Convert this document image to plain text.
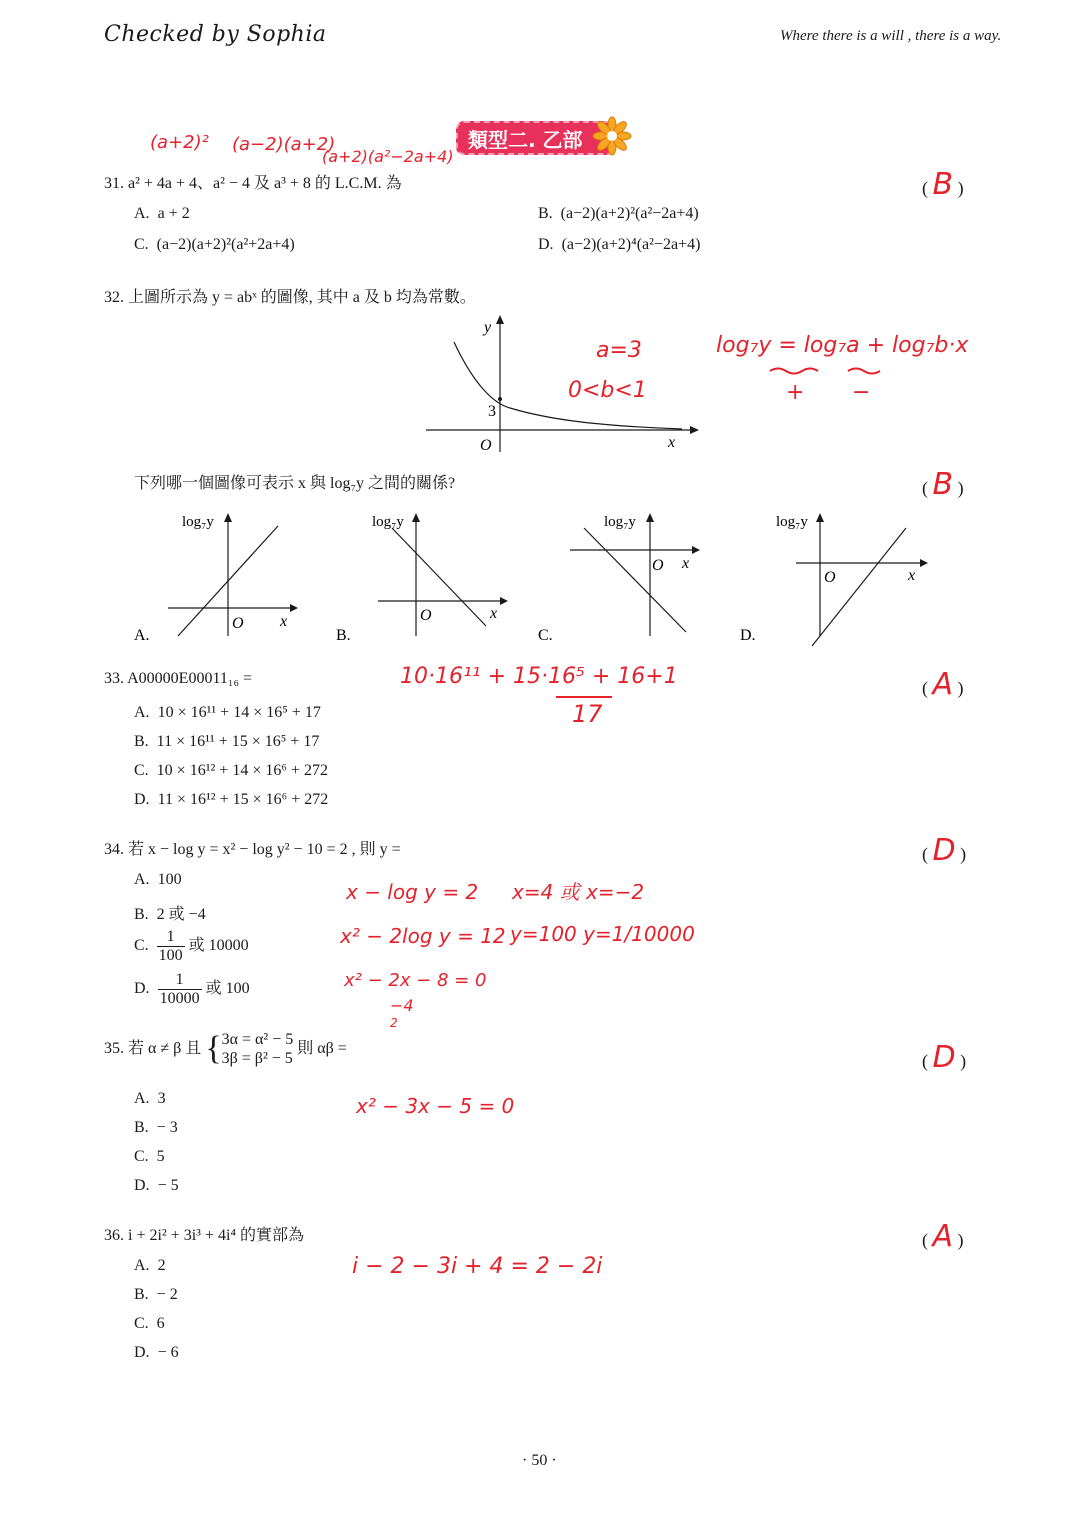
Checked by Sophia	Where there is a will , there is a way.
類型二. 乙部
(a+2)² (a−2)(a+2)
(a+2)(a²−2a+4)
31. a² + 4a + 4、a² − 4 及 a³ + 8 的 L.C.M. 為	( B )
A. a + 2	B. (a−2)(a+2)²(a²−2a+4)
C. (a−2)(a+2)²(a²+2a+4)	D. (a−2)(a+2)⁴(a²−2a+4)
32. 上圖所示為 y = abˣ 的圖像, 其中 a 及 b 均為常數。
y
x
O
3
a=3
0<b<1
log₇y = log₇a + log₇b·x
+ −
下列哪一個圖像可表示 x 與 log₇y 之間的關係?	( B )
log₇y
O x
A.
log₇y
O	x
B.
log₇y
O x
C.
log₇y
O	x
D.
33. A00000E00011₁₆ =	( A )
10·16¹¹ + 15·16⁵ + 16+1
17
A. 10 × 16¹¹ + 14 × 16⁵ + 17
B. 11 × 16¹¹ + 15 × 16⁵ + 17
C. 10 × 16¹² + 14 × 16⁶ + 272
D. 11 × 16¹² + 15 × 16⁶ + 272
34. 若 x − log y = x² − log y² − 10 = 2 , 則 y =	( D )
A. 100
B. 2 或 −4
C. $\frac{1}{100}$ 或 10000
D. $\frac{1}{10000}$ 或 100
x − log y = 2
x² − 2log y = 12
x² − 2x − 8 = 0
−4
2
x=4 或 x=−2
y=100 y=1/10000
35. 若 α ≠ β 且 {3α = α² − 5
3β = β² − 5 則 αβ =
( D )
x² − 3x − 5 = 0
A. 3
B. − 3
C. 5
D. − 5
36. i + 2i² + 3i³ + 4i⁴ 的實部為	( A )
i − 2 − 3i + 4 = 2 − 2i
A. 2
B. − 2
C. 6
D. − 6
· 50 ·
